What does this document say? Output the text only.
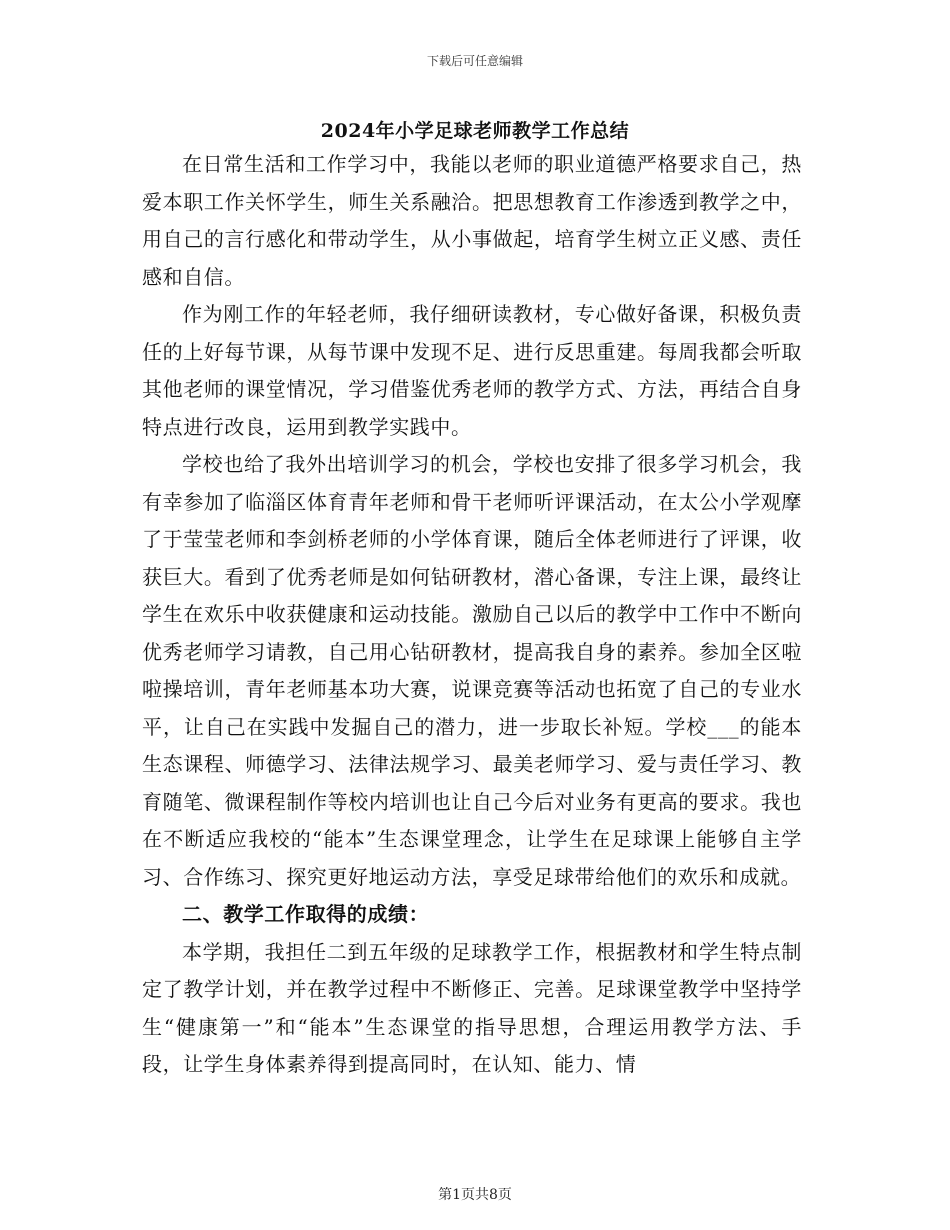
下载后可任意编辑
2024年小学足球老师教学工作总结

在日常生活和工作学习中，我能以老师的职业道德严格要求自己，热爱本职工作关怀学生，师生关系融洽。把思想教育工作渗透到教学之中，用自己的言行感化和带动学生，从小事做起，培育学生树立正义感、责任感和自信。

作为刚工作的年轻老师，我仔细研读教材，专心做好备课，积极负责任的上好每节课，从每节课中发现不足、进行反思重建。每周我都会听取其他老师的课堂情况，学习借鉴优秀老师的教学方式、方法，再结合自身特点进行改良，运用到教学实践中。

学校也给了我外出培训学习的机会，学校也安排了很多学习机会，我有幸参加了临淄区体育青年老师和骨干老师听评课活动，在太公小学观摩了于莹莹老师和李剑桥老师的小学体育课，随后全体老师进行了评课，收获巨大。看到了优秀老师是如何钻研教材，潜心备课，专注上课，最终让学生在欢乐中收获健康和运动技能。激励自己以后的教学中工作中不断向优秀老师学习请教，自己用心钻研教材，提高我自身的素养。参加全区啦啦操培训，青年老师基本功大赛，说课竞赛等活动也拓宽了自己的专业水平，让自己在实践中发掘自己的潜力，进一步取长补短。学校___的能本生态课程、师德学习、法律法规学习、最美老师学习、爱与责任学习、教育随笔、微课程制作等校内培训也让自己今后对业务有更高的要求。我也在不断适应我校的“能本”生态课堂理念，让学生在足球课上能够自主学习、合作练习、探究更好地运动方法，享受足球带给他们的欢乐和成就。

二、教学工作取得的成绩：

本学期，我担任二到五年级的足球教学工作，根据教材和学生特点制定了教学计划，并在教学过程中不断修正、完善。足球课堂教学中坚持学生“健康第一”和“能本”生态课堂的指导思想，合理运用教学方法、手段，让学生身体素养得到提高同时，在认知、能力、情

第1页共8页
